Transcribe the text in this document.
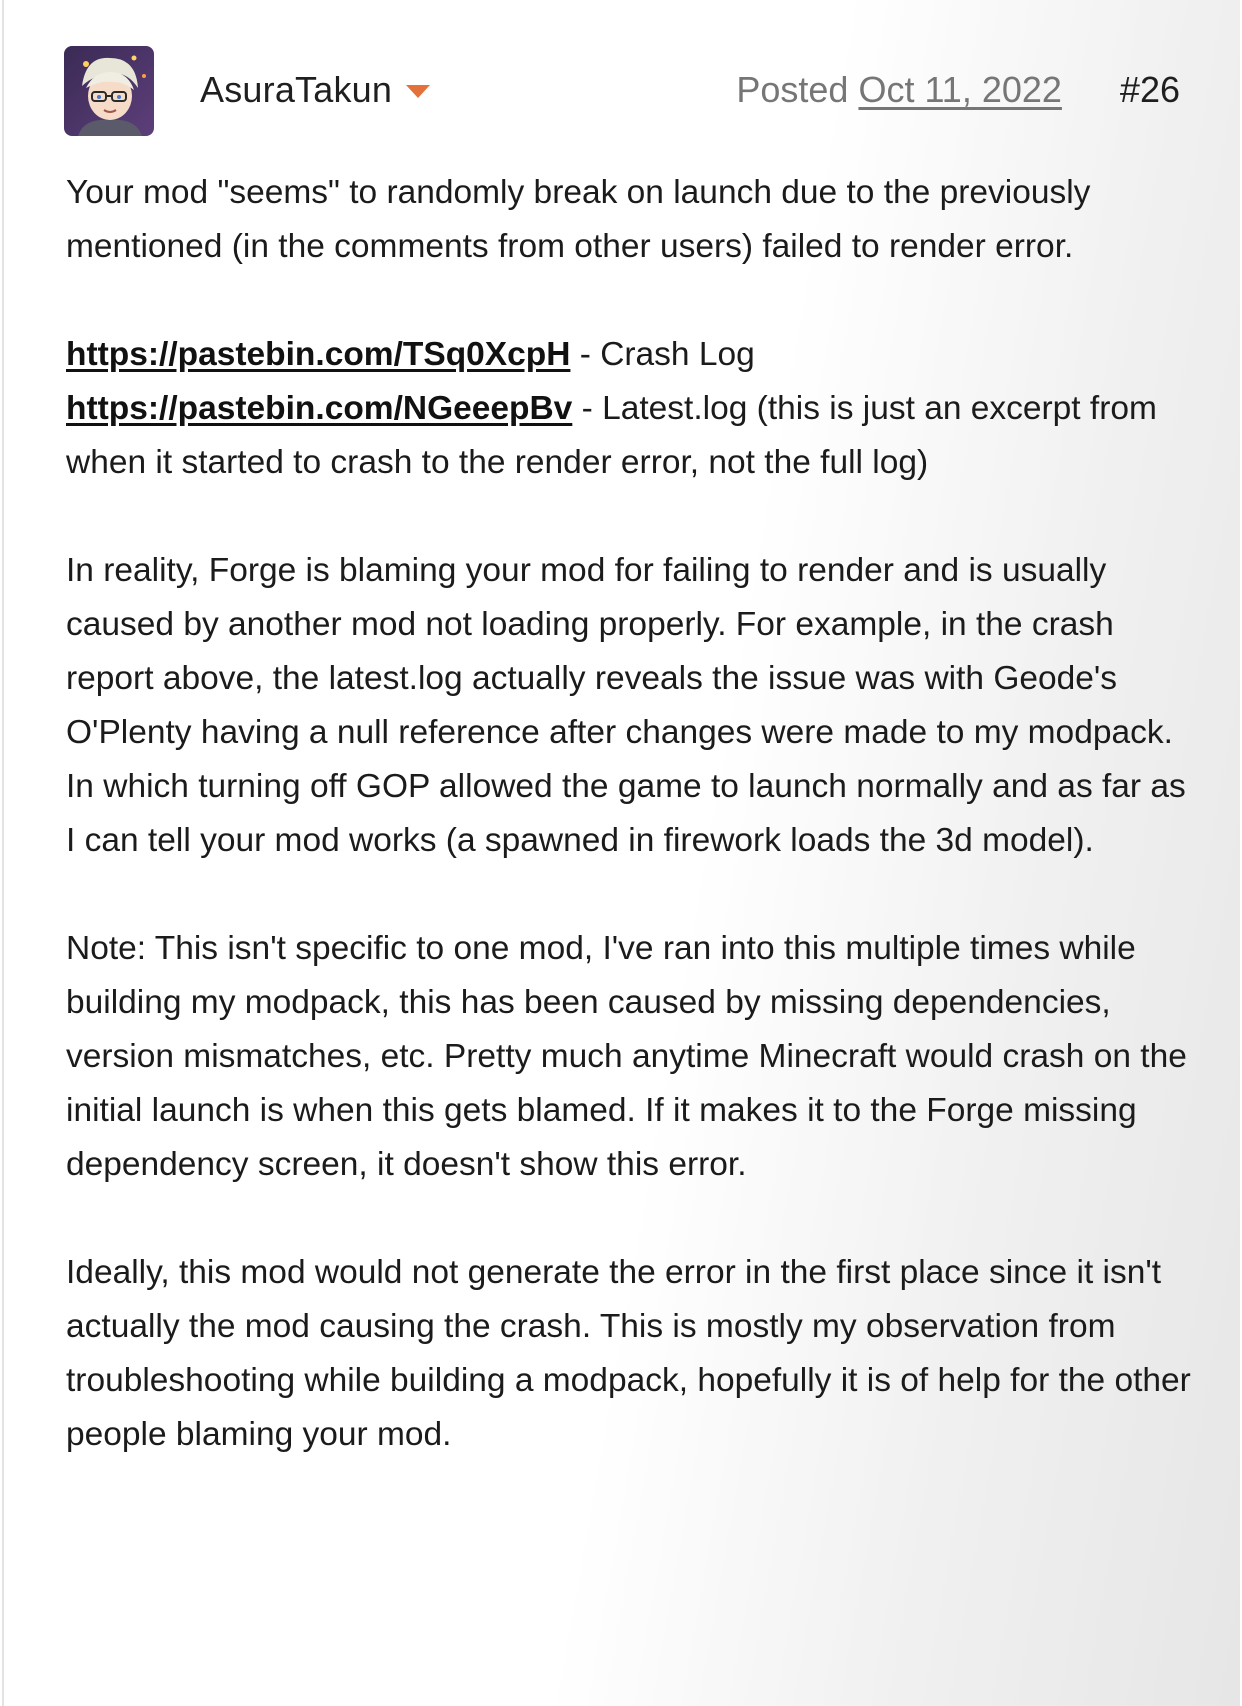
AsuraTakun	Posted Oct 11, 2022 #26

Your mod "seems" to randomly break on launch due to the previously mentioned (in the comments from other users) failed to render error.

https://pastebin.com/TSq0XcpH - Crash Log
https://pastebin.com/NGeeepBv - Latest.log (this is just an excerpt from when it started to crash to the render error, not the full log)

In reality, Forge is blaming your mod for failing to render and is usually caused by another mod not loading properly. For example, in the crash report above, the latest.log actually reveals the issue was with Geode's O'Plenty having a null reference after changes were made to my modpack. In which turning off GOP allowed the game to launch normally and as far as I can tell your mod works (a spawned in firework loads the 3d model).

Note: This isn't specific to one mod, I've ran into this multiple times while building my modpack, this has been caused by missing dependencies, version mismatches, etc. Pretty much anytime Minecraft would crash on the initial launch is when this gets blamed. If it makes it to the Forge missing dependency screen, it doesn't show this error.

Ideally, this mod would not generate the error in the first place since it isn't actually the mod causing the crash. This is mostly my observation from troubleshooting while building a modpack, hopefully it is of help for the other people blaming your mod.
